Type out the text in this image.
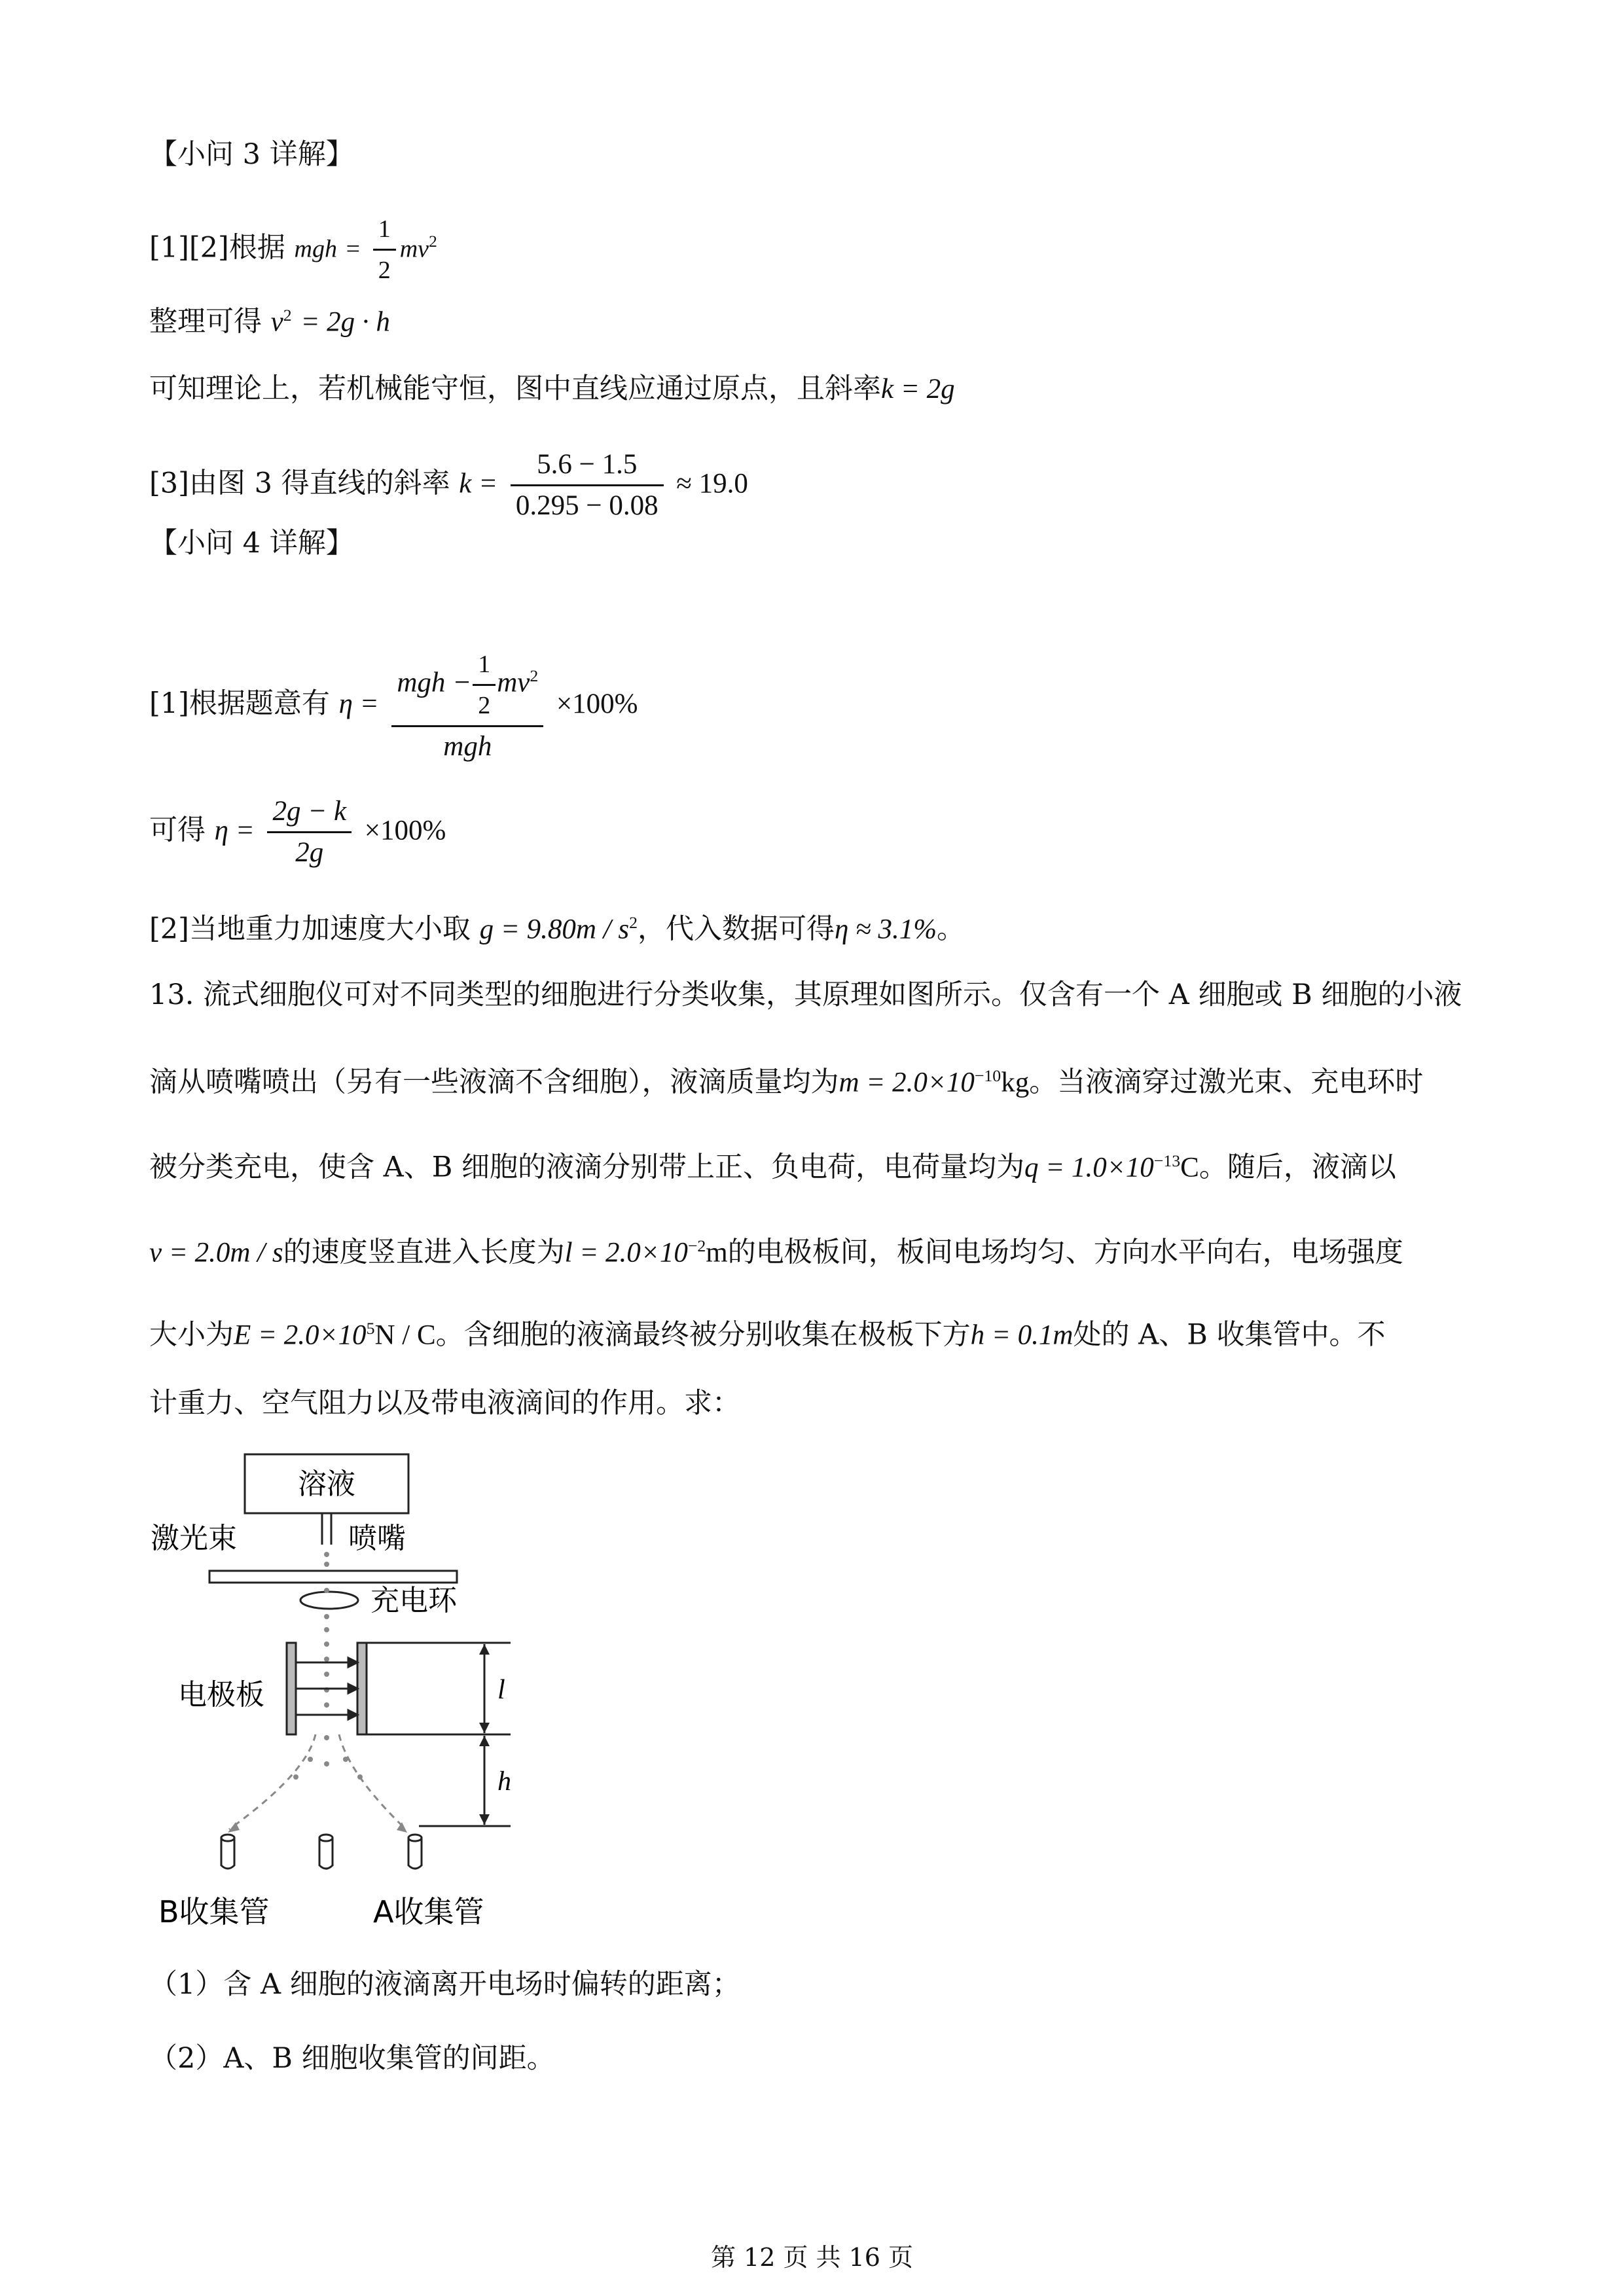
【小问 3 详解】
[1][2]根据 mgh = $\frac{1}{2} mv^2$
整理可得 $v^2 = 2g \cdot h$
可知理论上，若机械能守恒，图中直线应通过原点，且斜率k = 2g
[3]由图 3 得直线的斜率 $k = \frac{5.6 - 1.5}{0.295 - 0.08} \approx 19.0$
【小问 4 详解】
[1]根据题意有 $\eta = \frac{mgh - \frac{1}{2} mv^2}{\text{mgh}} \times 100\%$
可得 $\eta = \frac{2g - k}{2g} \times 100\%$
[2]当地重力加速度大小取 $g = 9.80m / s^2$，代入数据可得η ≈ 3.1%。
13. 流式细胞仪可对不同类型的细胞进行分类收集，其原理如图所示。仅含有一个 A 细胞或 B 细胞的小液
滴从喷嘴喷出（另有一些液滴不含细胞），液滴质量均为$m = 2.0\times 10^{-10}kg$。当液滴穿过激光束、充电环时
被分类充电，使含 A、B 细胞的液滴分别带上正、负电荷，电荷量均为$q = 1.0\times 10^{-13}C$。随后，液滴以
v = 2.0m / s的速度竖直进入长度为$l = 2.0\times 10^{-2}m$的电极板间，板间电场均匀、方向水平向右，电场强度
大小为$E = 2.0\times 10^5N / C$。含细胞的液滴最终被分别收集在极板下方h = 0.1m处的 A、B 收集管中。不
计重力、空气阻力以及带电液滴间的作用。求：
溶液
激光束	喷嘴
充电环
电极板	l
h
B收集管	A收集管
（1）含 A 细胞的液滴离开电场时偏转的距离；
（2）A、B 细胞收集管的间距。
第 12 页 共 16 页
